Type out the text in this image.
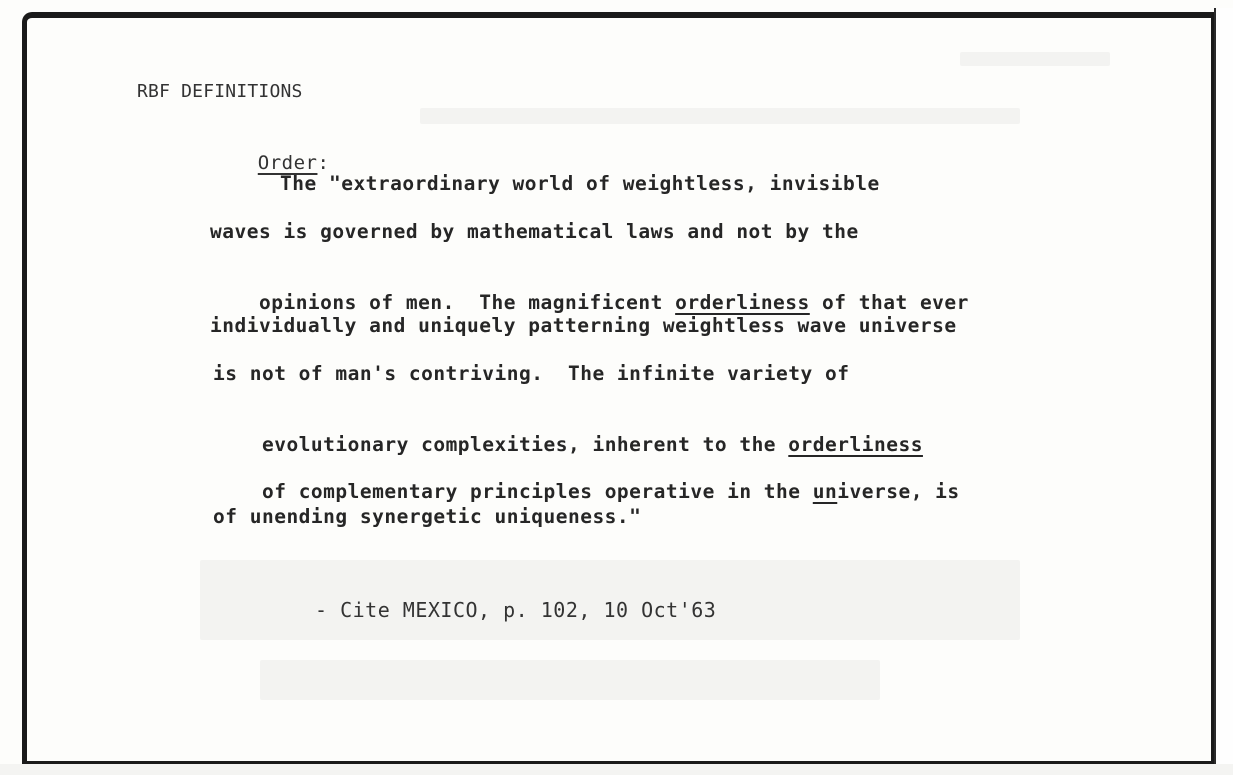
RBF DEFINITIONS

Order:

The "extraordinary world of weightless, invisible
waves is governed by mathematical laws and not by the

opinions of men.  The magnificent orderliness of that ever

individually and uniquely patterning weightless wave universe
is not of man's contriving.  The infinite variety of

evolutionary complexities, inherent to the orderliness

of complementary principles operative in the universe, is

of unending synergetic uniqueness."
- Cite MEXICO, p. 102, 10 Oct'63
